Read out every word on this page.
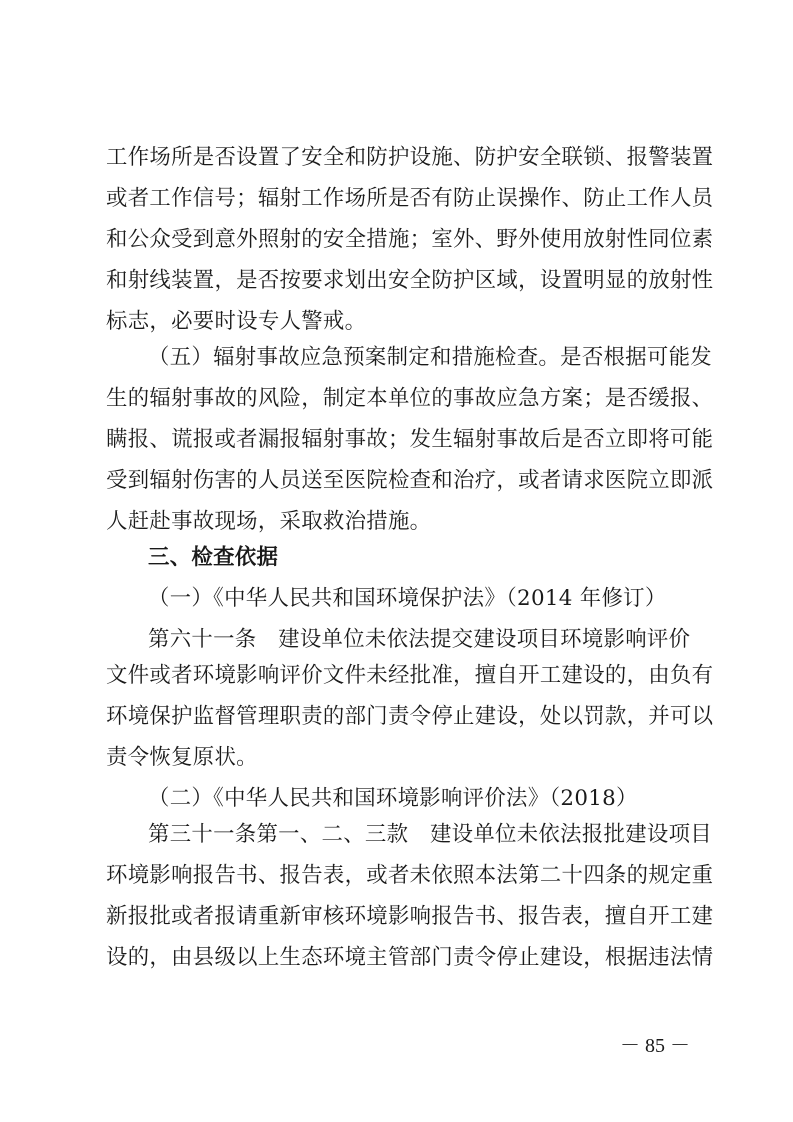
工作场所是否设置了安全和防护设施、防护安全联锁、报警装置
或者工作信号；辐射工作场所是否有防止误操作、防止工作人员
和公众受到意外照射的安全措施；室外、野外使用放射性同位素
和射线装置，是否按要求划出安全防护区域，设置明显的放射性
标志，必要时设专人警戒。
（五）辐射事故应急预案制定和措施检查。是否根据可能发
生的辐射事故的风险，制定本单位的事故应急方案；是否缓报、
瞒报、谎报或者漏报辐射事故；发生辐射事故后是否立即将可能
受到辐射伤害的人员送至医院检查和治疗，或者请求医院立即派
人赶赴事故现场，采取救治措施。
三、检查依据
（一）《中华人民共和国环境保护法》（2014 年修订）
第六十一条　建设单位未依法提交建设项目环境影响评价
文件或者环境影响评价文件未经批准，擅自开工建设的，由负有
环境保护监督管理职责的部门责令停止建设，处以罚款，并可以
责令恢复原状。
（二）《中华人民共和国环境影响评价法》（2018）
第三十一条第一、二、三款　建设单位未依法报批建设项目
环境影响报告书、报告表，或者未依照本法第二十四条的规定重
新报批或者报请重新审核环境影响报告书、报告表，擅自开工建
设的，由县级以上生态环境主管部门责令停止建设，根据违法情
－ 85 －
